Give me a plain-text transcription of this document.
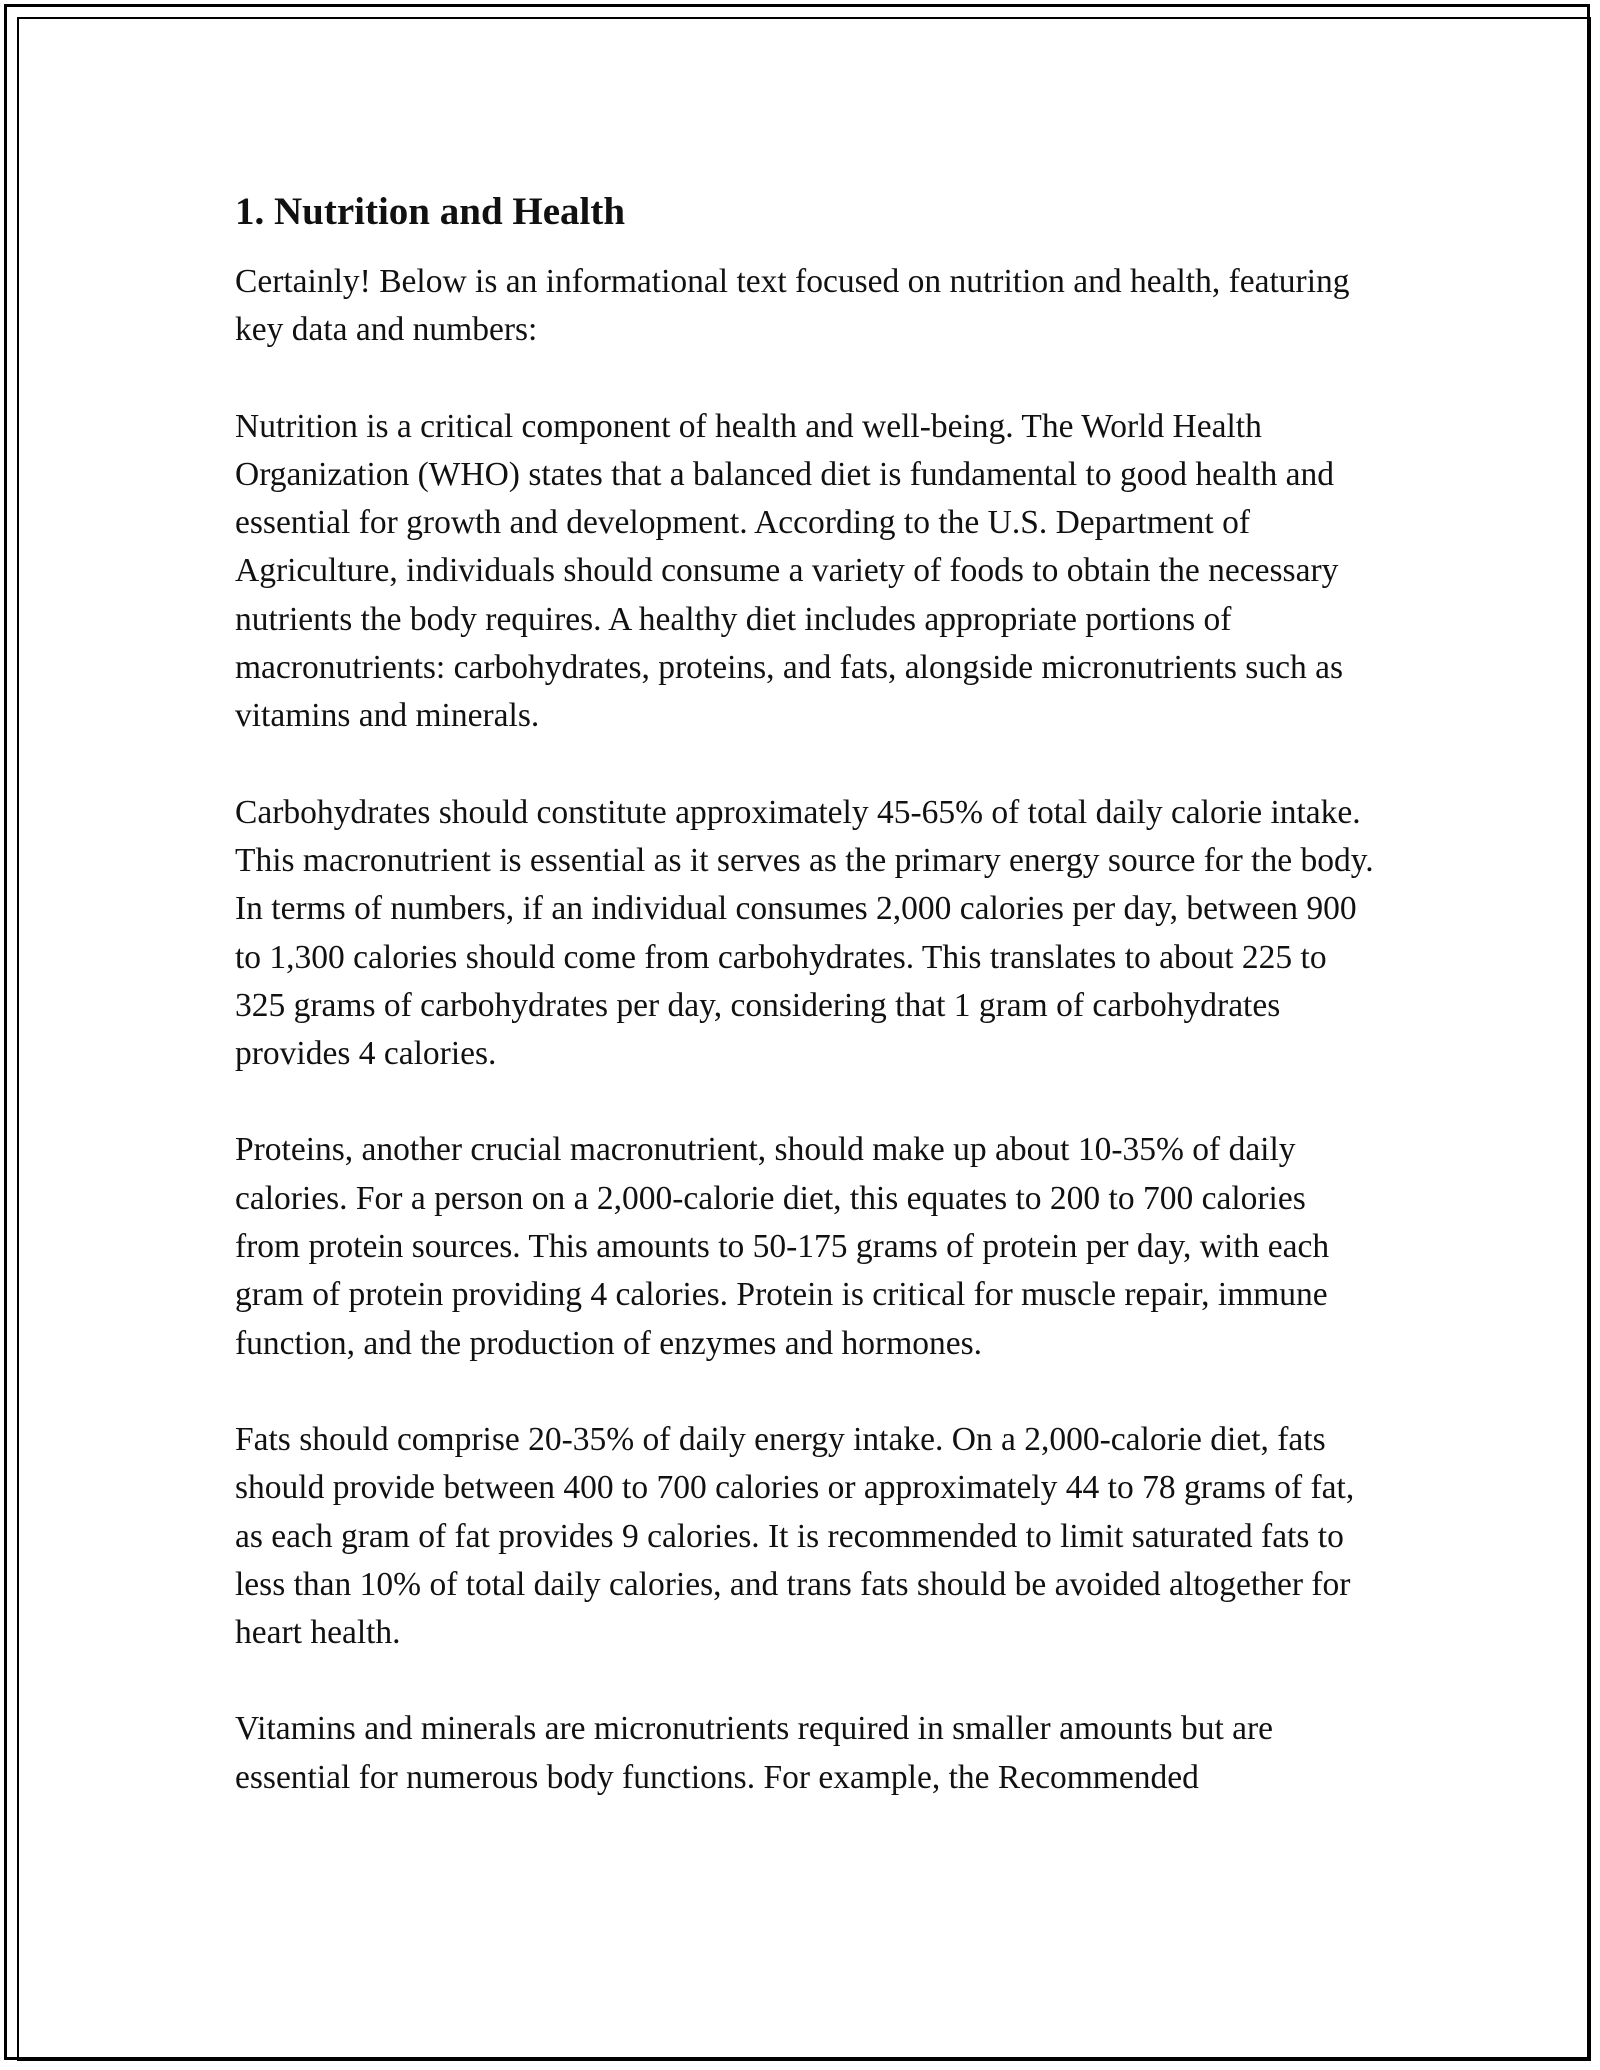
1. Nutrition and Health

Certainly! Below is an informational text focused on nutrition and health, featuring key data and numbers:

Nutrition is a critical component of health and well-being. The World Health Organization (WHO) states that a balanced diet is fundamental to good health and essential for growth and development. According to the U.S. Department of Agriculture, individuals should consume a variety of foods to obtain the necessary nutrients the body requires. A healthy diet includes appropriate portions of macronutrients: carbohydrates, proteins, and fats, alongside micronutrients such as vitamins and minerals.

Carbohydrates should constitute approximately 45-65% of total daily calorie intake. This macronutrient is essential as it serves as the primary energy source for the body. In terms of numbers, if an individual consumes 2,000 calories per day, between 900 to 1,300 calories should come from carbohydrates. This translates to about 225 to 325 grams of carbohydrates per day, considering that 1 gram of carbohydrates provides 4 calories.

Proteins, another crucial macronutrient, should make up about 10-35% of daily calories. For a person on a 2,000-calorie diet, this equates to 200 to 700 calories from protein sources. This amounts to 50-175 grams of protein per day, with each gram of protein providing 4 calories. Protein is critical for muscle repair, immune function, and the production of enzymes and hormones.

Fats should comprise 20-35% of daily energy intake. On a 2,000-calorie diet, fats should provide between 400 to 700 calories or approximately 44 to 78 grams of fat, as each gram of fat provides 9 calories. It is recommended to limit saturated fats to less than 10% of total daily calories, and trans fats should be avoided altogether for heart health.

Vitamins and minerals are micronutrients required in smaller amounts but are essential for numerous body functions. For example, the Recommended
